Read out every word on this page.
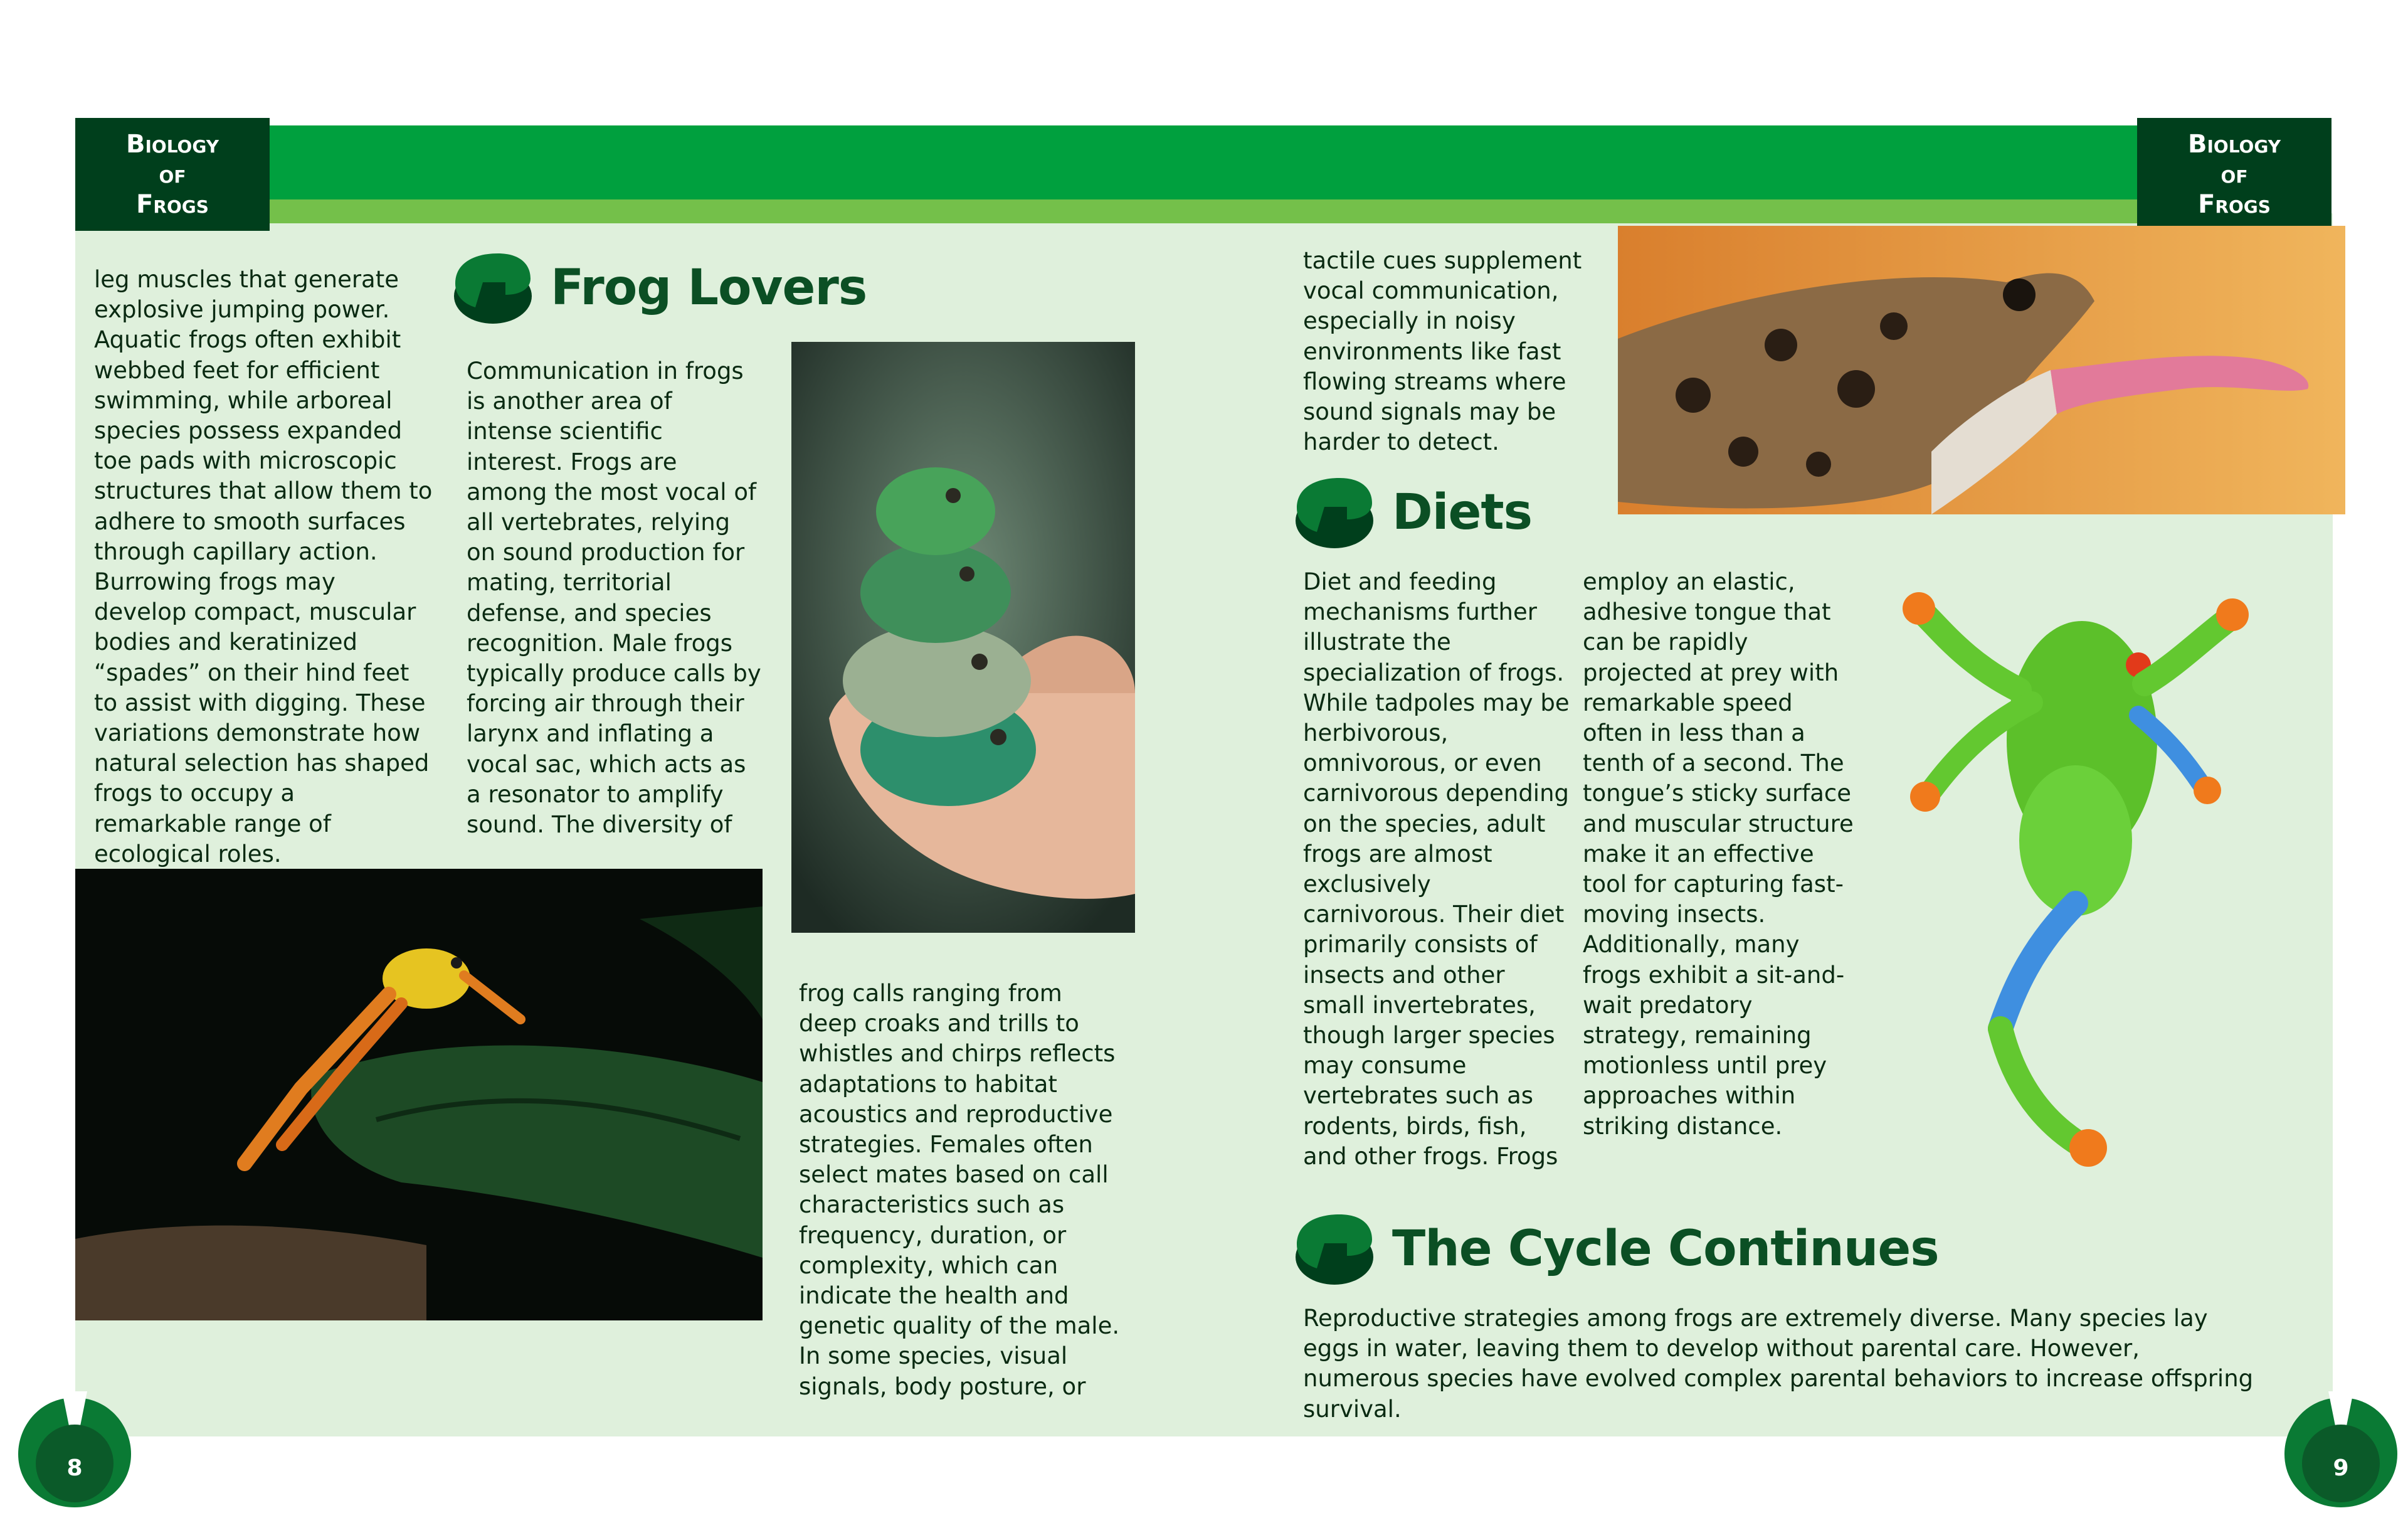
Biology
of
Frogs
Biology
of
Frogs

leg muscles that generate explosive jumping power. Aquatic frogs often exhibit webbed feet for efficient swimming, while arboreal species possess expanded toe pads with microscopic structures that allow them to adhere to smooth surfaces through capillary action. Burrowing frogs may develop compact, muscular bodies and keratinized “spades” on their hind feet to assist with digging. These variations demonstrate how natural selection has shaped frogs to occupy a remarkable range of ecological roles.

Frog Lovers

Communication in frogs is another area of intense scientific interest. Frogs are among the most vocal of all vertebrates, relying on sound production for mating, territorial defense, and species recognition. Male frogs typically produce calls by forcing air through their larynx and inflating a vocal sac, which acts as a resonator to amplify sound. The diversity of

frog calls ranging from deep croaks and trills to whistles and chirps reflects adaptations to habitat acoustics and reproductive strategies. Females often select mates based on call characteristics such as frequency, duration, or complexity, which can indicate the health and genetic quality of the male. In some species, visual signals, body posture, or

8

tactile cues supplement vocal communication, especially in noisy environments like fast flowing streams where sound signals may be harder to detect.

Diets

Diet and feeding mechanisms further illustrate the specialization of frogs. While tadpoles may be herbivorous, omnivorous, or even carnivorous depending on the species, adult frogs are almost exclusively carnivorous. Their diet primarily consists of insects and other small invertebrates, though larger species may consume vertebrates such as rodents, birds, fish, and other frogs. Frogs

employ an elastic, adhesive tongue that can be rapidly projected at prey with remarkable speed often in less than a tenth of a second. The tongue’s sticky surface and muscular structure make it an effective tool for capturing fast-moving insects. Additionally, many frogs exhibit a sit-and-wait predatory strategy, remaining motionless until prey approaches within striking distance.

The Cycle Continues

Reproductive strategies among frogs are extremely diverse. Many species lay eggs in water, leaving them to develop without parental care. However, numerous species have evolved complex parental behaviors to increase offspring survival.

9
